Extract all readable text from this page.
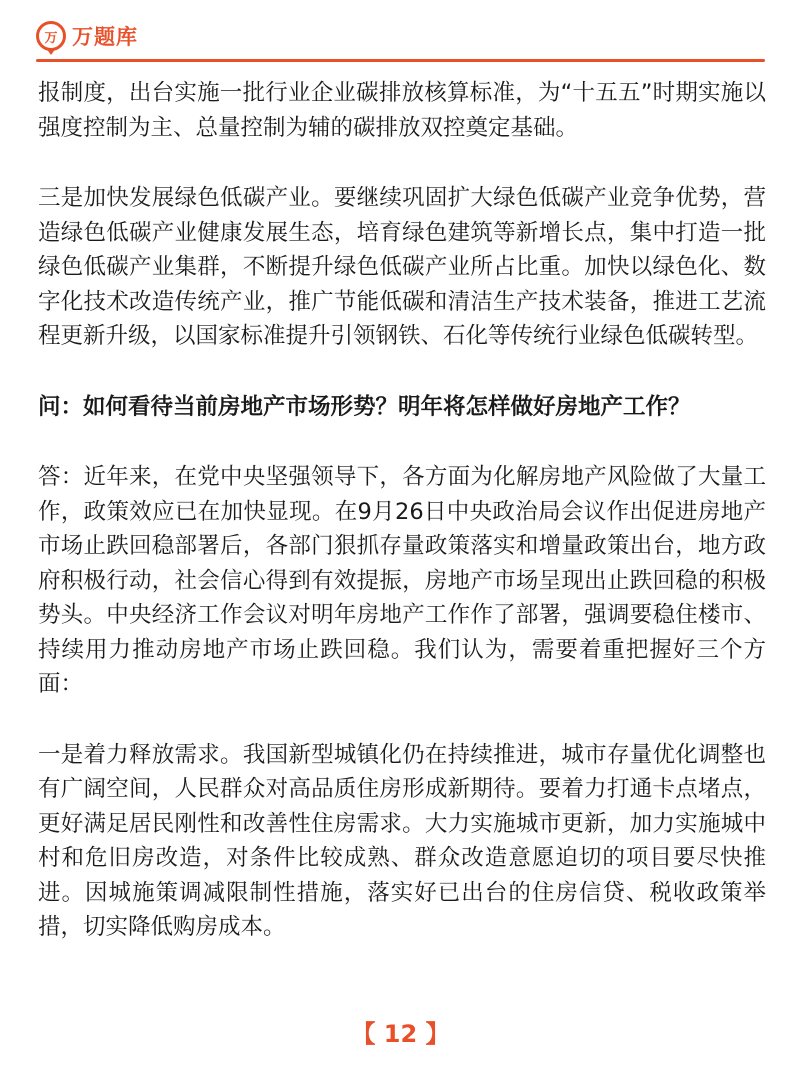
万 万题库

报制度，出台实施一批行业企业碳排放核算标准，为“十五五”时期实施以强度控制为主、总量控制为辅的碳排放双控奠定基础。

三是加快发展绿色低碳产业。要继续巩固扩大绿色低碳产业竞争优势，营造绿色低碳产业健康发展生态，培育绿色建筑等新增长点，集中打造一批绿色低碳产业集群，不断提升绿色低碳产业所占比重。加快以绿色化、数字化技术改造传统产业，推广节能低碳和清洁生产技术装备，推进工艺流程更新升级，以国家标准提升引领钢铁、石化等传统行业绿色低碳转型。

问：如何看待当前房地产市场形势？明年将怎样做好房地产工作？

答：近年来，在党中央坚强领导下，各方面为化解房地产风险做了大量工作，政策效应已在加快显现。在9月26日中央政治局会议作出促进房地产市场止跌回稳部署后，各部门狠抓存量政策落实和增量政策出台，地方政府积极行动，社会信心得到有效提振，房地产市场呈现出止跌回稳的积极势头。中央经济工作会议对明年房地产工作作了部署，强调要稳住楼市、持续用力推动房地产市场止跌回稳。我们认为，需要着重把握好三个方面：

一是着力释放需求。我国新型城镇化仍在持续推进，城市存量优化调整也有广阔空间，人民群众对高品质住房形成新期待。要着力打通卡点堵点，更好满足居民刚性和改善性住房需求。大力实施城市更新，加力实施城中村和危旧房改造，对条件比较成熟、群众改造意愿迫切的项目要尽快推进。因城施策调减限制性措施，落实好已出台的住房信贷、税收政策举措，切实降低购房成本。

【 12 】
